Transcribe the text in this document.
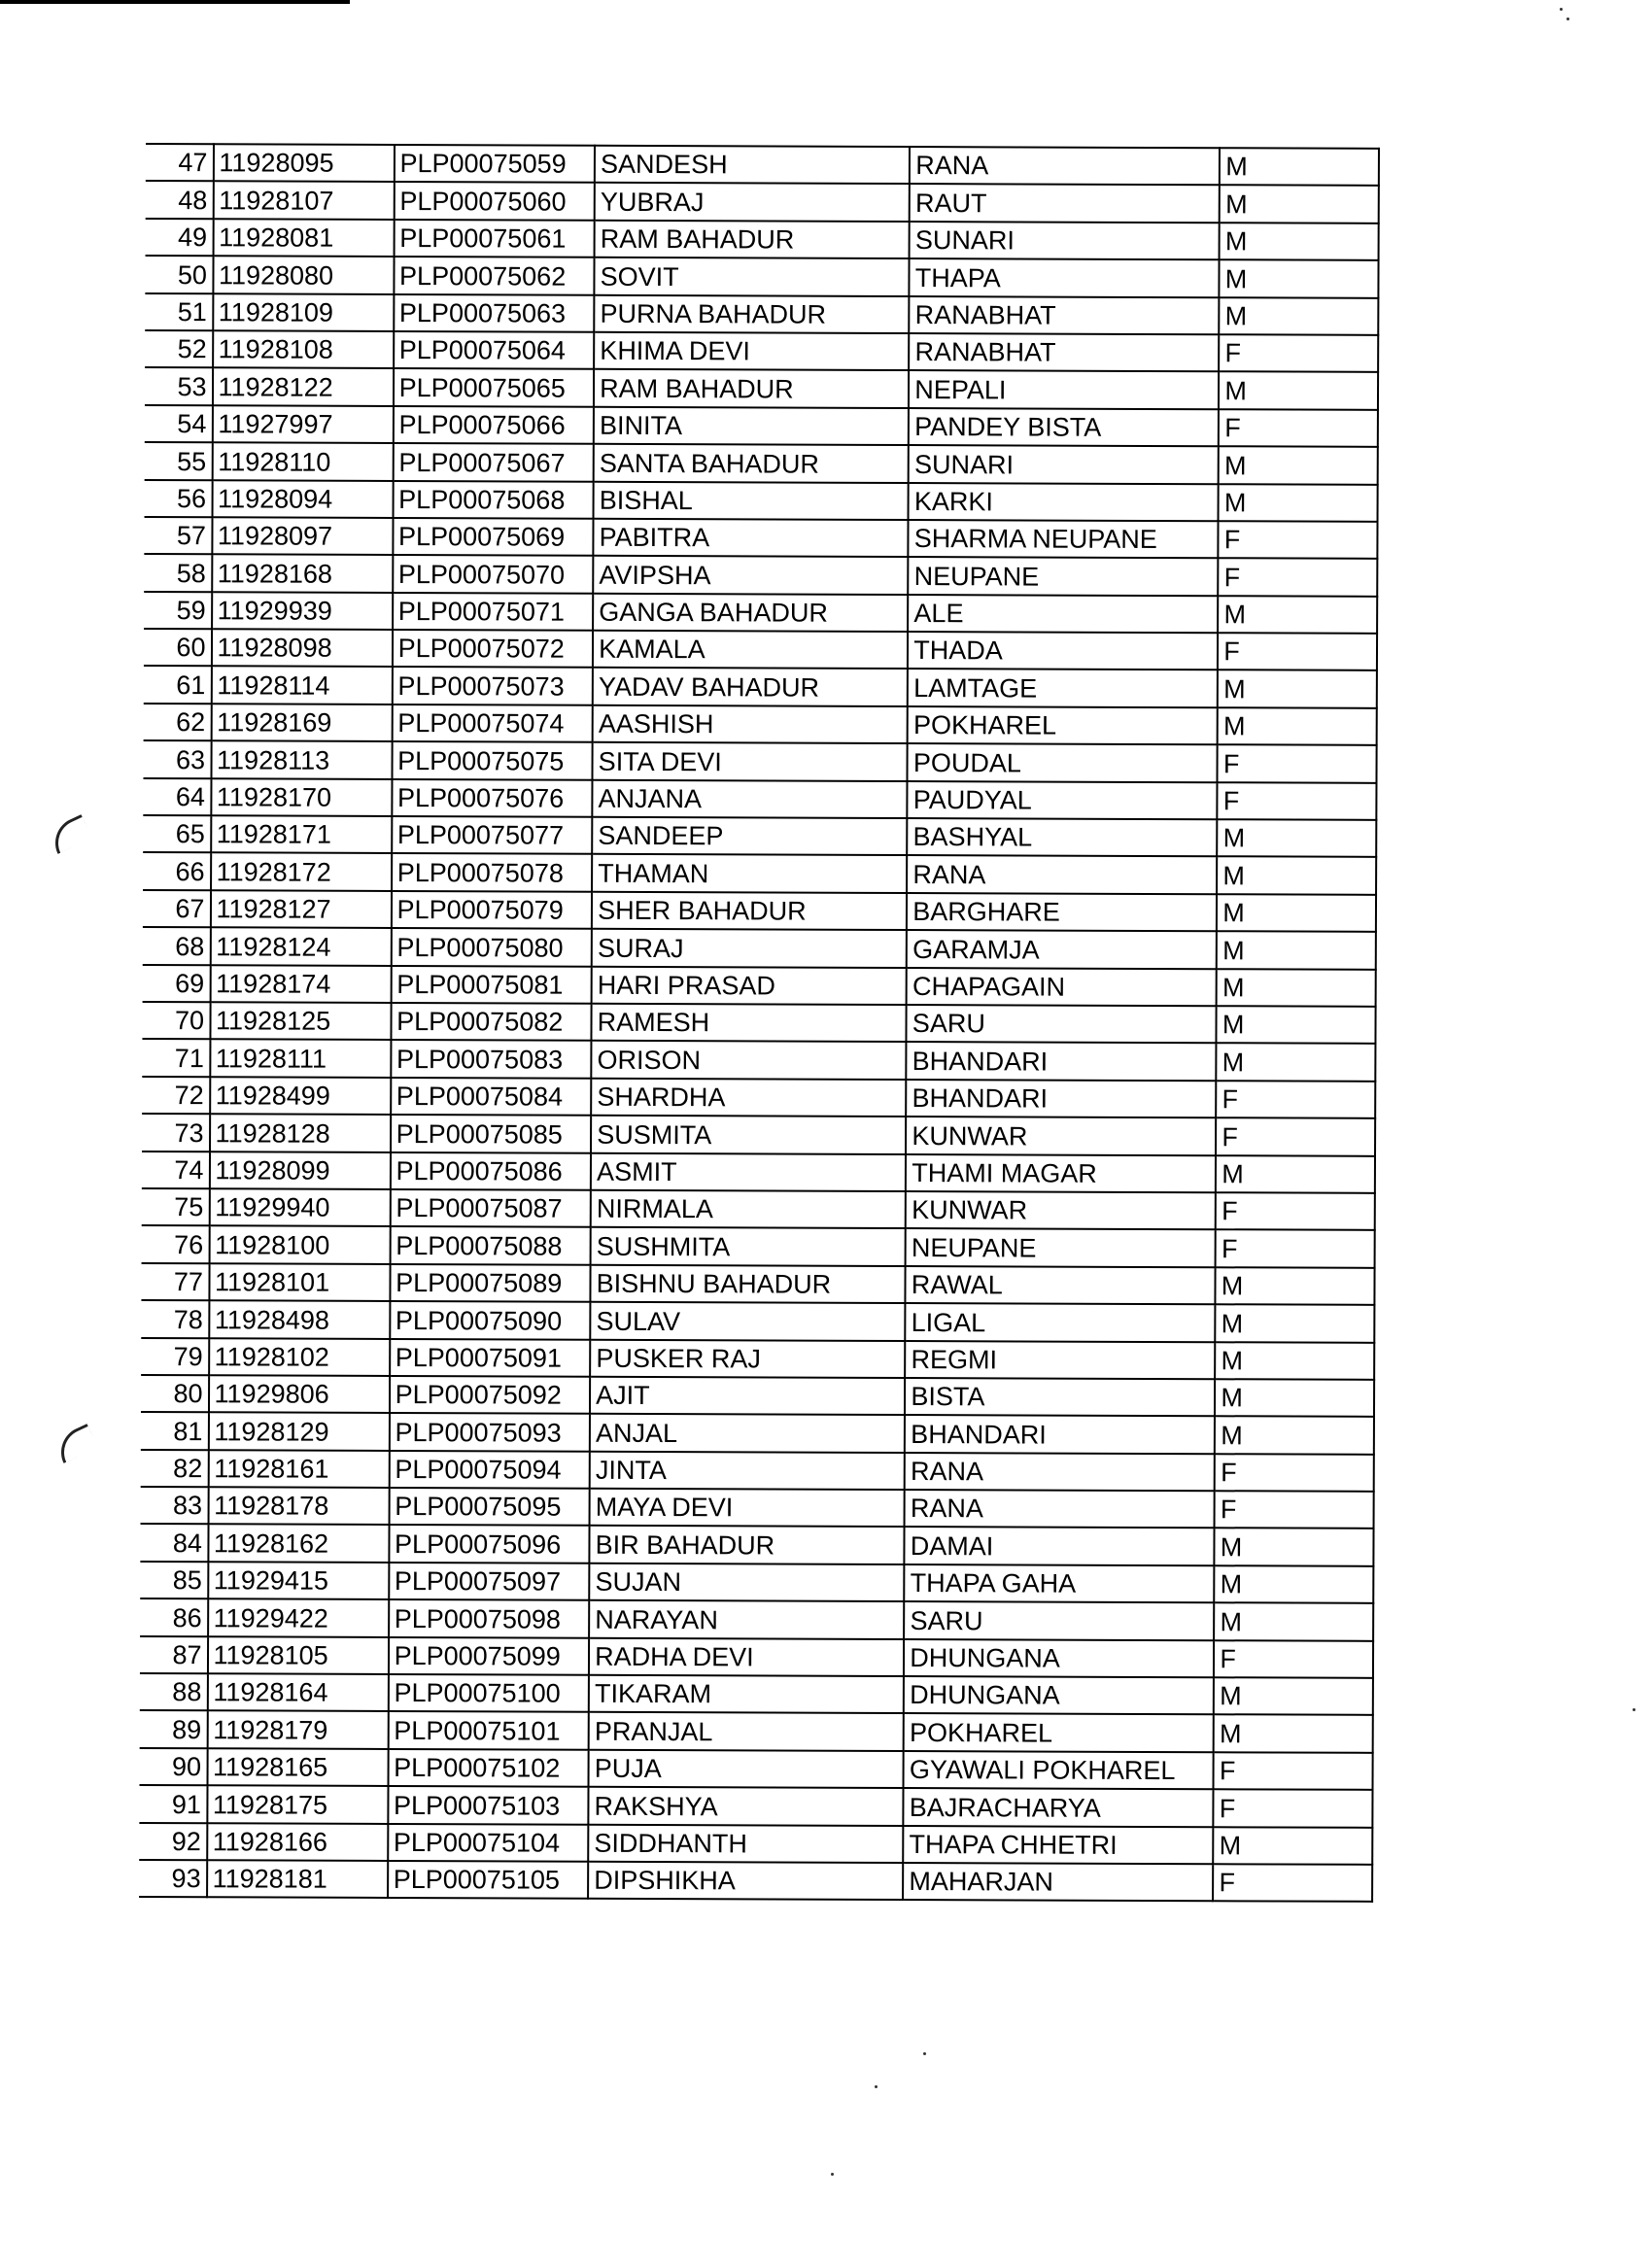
47	11928095	PLP00075059	SANDESH	RANA	M
48	11928107	PLP00075060	YUBRAJ	RAUT	M
49	11928081	PLP00075061	RAM BAHADUR	SUNARI	M
50	11928080	PLP00075062	SOVIT	THAPA	M
51	11928109	PLP00075063	PURNA BAHADUR	RANABHAT	M
52	11928108	PLP00075064	KHIMA DEVI	RANABHAT	F
53	11928122	PLP00075065	RAM BAHADUR	NEPALI	M
54	11927997	PLP00075066	BINITA	PANDEY BISTA	F
55	11928110	PLP00075067	SANTA BAHADUR	SUNARI	M
56	11928094	PLP00075068	BISHAL	KARKI	M
57	11928097	PLP00075069	PABITRA	SHARMA NEUPANE	F
58	11928168	PLP00075070	AVIPSHA	NEUPANE	F
59	11929939	PLP00075071	GANGA BAHADUR	ALE	M
60	11928098	PLP00075072	KAMALA	THADA	F
61	11928114	PLP00075073	YADAV BAHADUR	LAMTAGE	M
62	11928169	PLP00075074	AASHISH	POKHAREL	M
63	11928113	PLP00075075	SITA DEVI	POUDAL	F
64	11928170	PLP00075076	ANJANA	PAUDYAL	F
65	11928171	PLP00075077	SANDEEP	BASHYAL	M
66	11928172	PLP00075078	THAMAN	RANA	M
67	11928127	PLP00075079	SHER BAHADUR	BARGHARE	M
68	11928124	PLP00075080	SURAJ	GARAMJA	M
69	11928174	PLP00075081	HARI PRASAD	CHAPAGAIN	M
70	11928125	PLP00075082	RAMESH	SARU	M
71	11928111	PLP00075083	ORISON	BHANDARI	M
72	11928499	PLP00075084	SHARDHA	BHANDARI	F
73	11928128	PLP00075085	SUSMITA	KUNWAR	F
74	11928099	PLP00075086	ASMIT	THAMI MAGAR	M
75	11929940	PLP00075087	NIRMALA	KUNWAR	F
76	11928100	PLP00075088	SUSHMITA	NEUPANE	F
77	11928101	PLP00075089	BISHNU BAHADUR	RAWAL	M
78	11928498	PLP00075090	SULAV	LIGAL	M
79	11928102	PLP00075091	PUSKER RAJ	REGMI	M
80	11929806	PLP00075092	AJIT	BISTA	M
81	11928129	PLP00075093	ANJAL	BHANDARI	M
82	11928161	PLP00075094	JINTA	RANA	F
83	11928178	PLP00075095	MAYA DEVI	RANA	F
84	11928162	PLP00075096	BIR BAHADUR	DAMAI	M
85	11929415	PLP00075097	SUJAN	THAPA GAHA	M
86	11929422	PLP00075098	NARAYAN	SARU	M
87	11928105	PLP00075099	RADHA DEVI	DHUNGANA	F
88	11928164	PLP00075100	TIKARAM	DHUNGANA	M
89	11928179	PLP00075101	PRANJAL	POKHAREL	M
90	11928165	PLP00075102	PUJA	GYAWALI POKHAREL	F
91	11928175	PLP00075103	RAKSHYA	BAJRACHARYA	F
92	11928166	PLP00075104	SIDDHANTH	THAPA CHHETRI	M
93	11928181	PLP00075105	DIPSHIKHA	MAHARJAN	F
